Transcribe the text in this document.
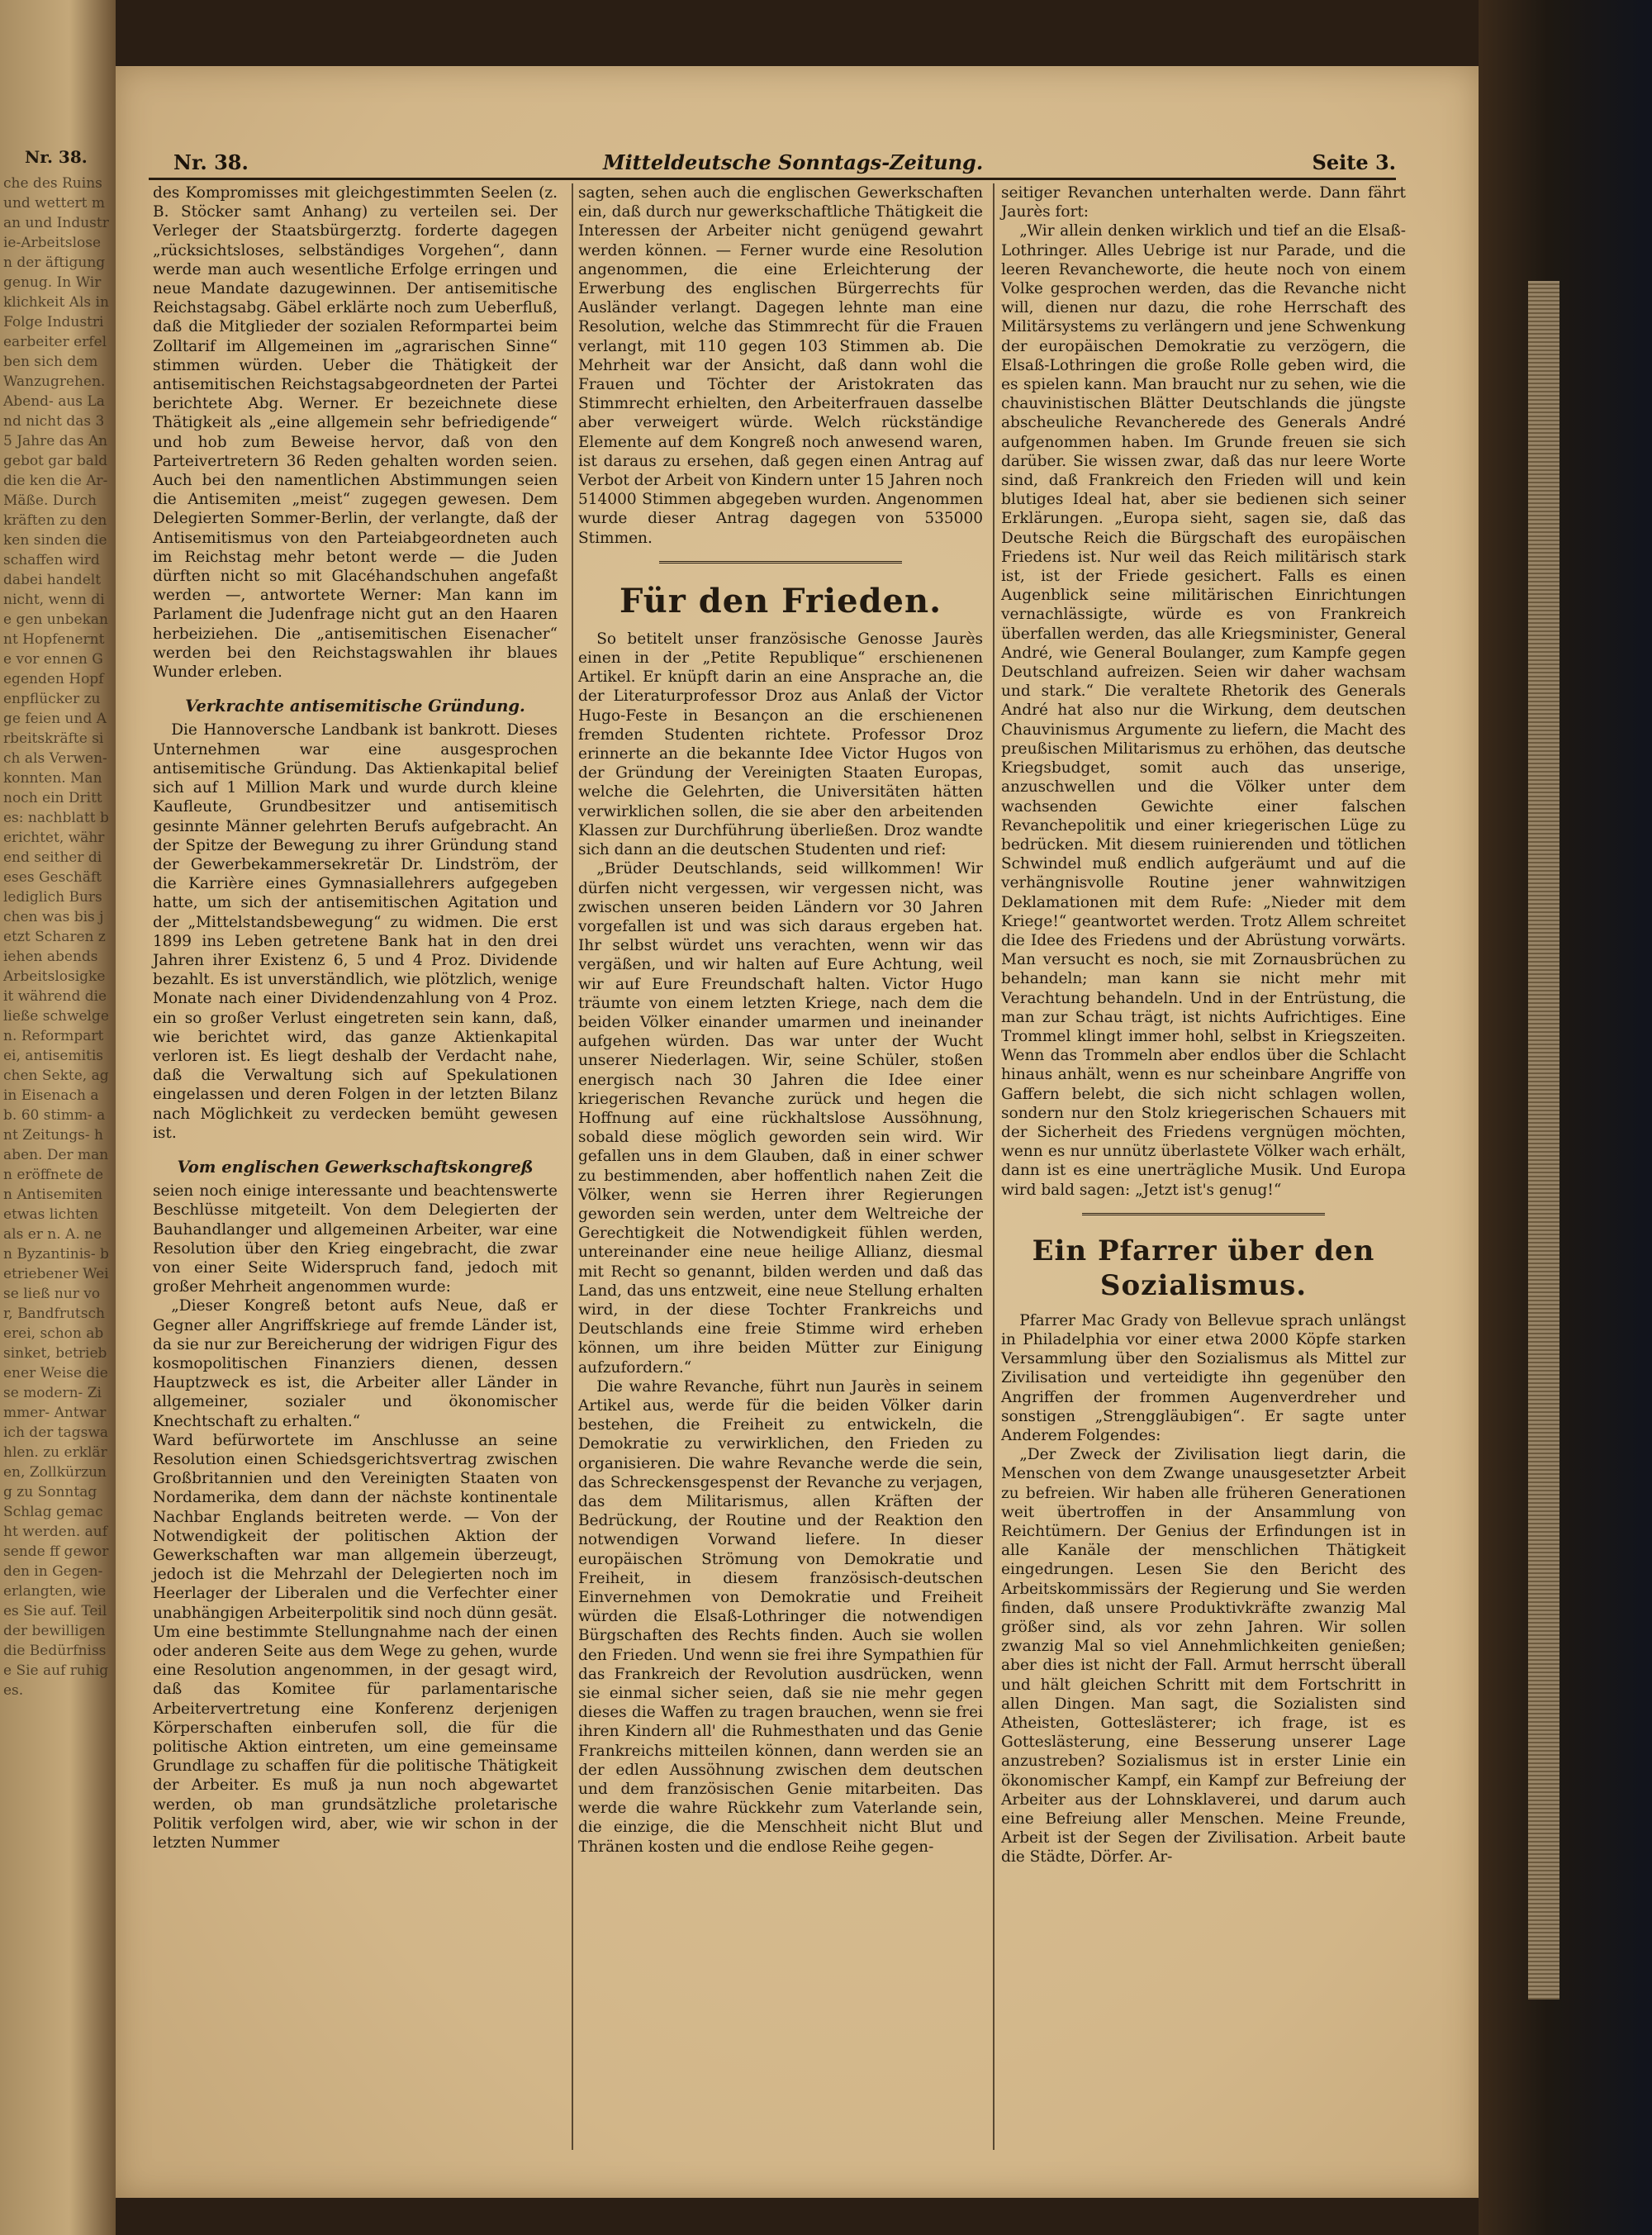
Nr. 38.
che des Ruins und wettert man und Industrie-Arbeitslosen der äftigung genug. In Wirklichkeit Als in Folge Industriearbeiter erfelben sich dem Wanzugrehen. Abend- aus Land nicht das 35 Jahre das Angebot gar bald die ken die Ar- Mäße. Durch kräften zu den ken sinden die schaffen wird dabei handelt nicht, wenn die gen unbekannt Hopfenernte vor ennen Gegenden Hopfenpflücker zuge feien und Arbeitskräfte sich als Verwen- konnten. Man noch ein Drittes: nachblatt berichtet, während seither dieses Geschäft lediglich Burschen was bis jetzt Scharen ziehen abends Arbeitslosigkeit während die ließe schwelgen. Reformpartei, antisemitischen Sekte, ag in Eisenach ab. 60 stimm- ant Zeitungs- haben. Der mann eröffnete den Antisemiten etwas lichten als er n. A. nen Byzantinis- betriebener Weise ließ nur vor, Bandfrutscherei, schon absinket, betriebener Weise diese modern- Zimmer- Antwarich der tagswahlen. zu erklären, Zollkürzung zu Sonntag Schlag gemacht werden. aufsende ff geworden in Gegen- erlangten, wie es Sie auf. Teil der bewilligen die Bedürfnisse Sie auf ruhiges.
Nr. 38.	Mitteldeutsche Sonntags-Zeitung.	Seite 3.

des Kompromisses mit gleichgestimmten Seelen (z. B. Stöcker samt Anhang) zu verteilen sei. Der Verleger der Staatsbürgerztg. forderte dagegen „rücksichtsloses, selbständiges Vorgehen“, dann werde man auch wesentliche Erfolge erringen und neue Mandate dazugewinnen. Der antisemitische Reichstagsabg. Gäbel erklärte noch zum Ueberfluß, daß die Mitglieder der sozialen Reformpartei beim Zolltarif im Allgemeinen im „agrarischen Sinne“ stimmen würden. Ueber die Thätigkeit der antisemitischen Reichstagsabgeordneten der Partei berichtete Abg. Werner. Er bezeichnete diese Thätigkeit als „eine allgemein sehr befriedigende“ und hob zum Beweise hervor, daß von den Parteivertretern 36 Reden gehalten worden seien. Auch bei den namentlichen Abstimmungen seien die Antisemiten „meist“ zugegen gewesen. Dem Delegierten Sommer-Berlin, der verlangte, daß der Antisemitismus von den Parteiabgeordneten auch im Reichstag mehr betont werde — die Juden dürften nicht so mit Glacéhandschuhen angefaßt werden —, antwortete Werner: Man kann im Parlament die Judenfrage nicht gut an den Haaren herbeiziehen. Die „antisemitischen Eisenacher“ werden bei den Reichstagswahlen ihr blaues Wunder erleben.

Verkrachte antisemitische Gründung.

Die Hannoversche Landbank ist bankrott. Dieses Unternehmen war eine ausgesprochen antisemitische Gründung. Das Aktienkapital belief sich auf 1 Million Mark und wurde durch kleine Kaufleute, Grundbesitzer und antisemitisch gesinnte Männer gelehrten Berufs aufgebracht. An der Spitze der Bewegung zu ihrer Gründung stand der Gewerbekammersekretär Dr. Lindström, der die Karrière eines Gymnasiallehrers aufgegeben hatte, um sich der antisemitischen Agitation und der „Mittelstandsbewegung“ zu widmen. Die erst 1899 ins Leben getretene Bank hat in den drei Jahren ihrer Existenz 6, 5 und 4 Proz. Dividende bezahlt. Es ist unverständlich, wie plötzlich, wenige Monate nach einer Dividendenzahlung von 4 Proz. ein so großer Verlust eingetreten sein kann, daß, wie berichtet wird, das ganze Aktienkapital verloren ist. Es liegt deshalb der Verdacht nahe, daß die Verwaltung sich auf Spekulationen eingelassen und deren Folgen in der letzten Bilanz nach Möglichkeit zu verdecken bemüht gewesen ist.

Vom englischen Gewerkschaftskongreß

seien noch einige interessante und beachtenswerte Beschlüsse mitgeteilt. Von dem Delegierten der Bauhandlanger und allgemeinen Arbeiter, war eine Resolution über den Krieg eingebracht, die zwar von einer Seite Widerspruch fand, jedoch mit großer Mehrheit angenommen wurde:

„Dieser Kongreß betont aufs Neue, daß er Gegner aller Angriffskriege auf fremde Länder ist, da sie nur zur Bereicherung der widrigen Figur des kosmopolitischen Finanziers dienen, dessen Hauptzweck es ist, die Arbeiter aller Länder in allgemeiner, sozialer und ökonomischer Knechtschaft zu erhalten.“

Ward befürwortete im Anschlusse an seine Resolution einen Schiedsgerichtsvertrag zwischen Großbritannien und den Vereinigten Staaten von Nordamerika, dem dann der nächste kontinentale Nachbar Englands beitreten werde. — Von der Notwendigkeit der politischen Aktion der Gewerkschaften war man allgemein überzeugt, jedoch ist die Mehrzahl der Delegierten noch im Heerlager der Liberalen und die Verfechter einer unabhängigen Arbeiterpolitik sind noch dünn gesät. Um eine bestimmte Stellungnahme nach der einen oder anderen Seite aus dem Wege zu gehen, wurde eine Resolution angenommen, in der gesagt wird, daß das Komitee für parlamentarische Arbeitervertretung eine Konferenz derjenigen Körperschaften einberufen soll, die für die politische Aktion eintreten, um eine gemeinsame Grundlage zu schaffen für die politische Thätigkeit der Arbeiter. Es muß ja nun noch abgewartet werden, ob man grundsätzliche proletarische Politik verfolgen wird, aber, wie wir schon in der letzten Nummer

sagten, sehen auch die englischen Gewerkschaften ein, daß durch nur gewerkschaftliche Thätigkeit die Interessen der Arbeiter nicht genügend gewahrt werden können. — Ferner wurde eine Resolution angenommen, die eine Erleichterung der Erwerbung des englischen Bürgerrechts für Ausländer verlangt. Dagegen lehnte man eine Resolution, welche das Stimmrecht für die Frauen verlangt, mit 110 gegen 103 Stimmen ab. Die Mehrheit war der Ansicht, daß dann wohl die Frauen und Töchter der Aristokraten das Stimmrecht erhielten, den Arbeiterfrauen dasselbe aber verweigert würde. Welch rückständige Elemente auf dem Kongreß noch anwesend waren, ist daraus zu ersehen, daß gegen einen Antrag auf Verbot der Arbeit von Kindern unter 15 Jahren noch 514000 Stimmen abgegeben wurden. Angenommen wurde dieser Antrag dagegen von 535000 Stimmen.

Für den Frieden.

So betitelt unser französische Genosse Jaurès einen in der „Petite Republique“ erschienenen Artikel. Er knüpft darin an eine Ansprache an, die der Literaturprofessor Droz aus Anlaß der Victor Hugo-Feste in Besançon an die erschienenen fremden Studenten richtete. Professor Droz erinnerte an die bekannte Idee Victor Hugos von der Gründung der Vereinigten Staaten Europas, welche die Gelehrten, die Universitäten hätten verwirklichen sollen, die sie aber den arbeitenden Klassen zur Durchführung überließen. Droz wandte sich dann an die deutschen Studenten und rief:

„Brüder Deutschlands, seid willkommen! Wir dürfen nicht vergessen, wir vergessen nicht, was zwischen unseren beiden Ländern vor 30 Jahren vorgefallen ist und was sich daraus ergeben hat. Ihr selbst würdet uns verachten, wenn wir das vergäßen, und wir halten auf Eure Achtung, weil wir auf Eure Freundschaft halten. Victor Hugo träumte von einem letzten Kriege, nach dem die beiden Völker einander umarmen und ineinander aufgehen würden. Das war unter der Wucht unserer Niederlagen. Wir, seine Schüler, stoßen energisch nach 30 Jahren die Idee einer kriegerischen Revanche zurück und hegen die Hoffnung auf eine rückhaltslose Aussöhnung, sobald diese möglich geworden sein wird. Wir gefallen uns in dem Glauben, daß in einer schwer zu bestimmenden, aber hoffentlich nahen Zeit die Völker, wenn sie Herren ihrer Regierungen geworden sein werden, unter dem Weltreiche der Gerechtigkeit die Notwendigkeit fühlen werden, untereinander eine neue heilige Allianz, diesmal mit Recht so genannt, bilden werden und daß das Land, das uns entzweit, eine neue Stellung erhalten wird, in der diese Tochter Frankreichs und Deutschlands eine freie Stimme wird erheben können, um ihre beiden Mütter zur Einigung aufzufordern.“

Die wahre Revanche, führt nun Jaurès in seinem Artikel aus, werde für die beiden Völker darin bestehen, die Freiheit zu entwickeln, die Demokratie zu verwirklichen, den Frieden zu organisieren. Die wahre Revanche werde die sein, das Schreckensgespenst der Revanche zu verjagen, das dem Militarismus, allen Kräften der Bedrückung, der Routine und der Reaktion den notwendigen Vorwand liefere. In dieser europäischen Strömung von Demokratie und Freiheit, in diesem französisch-deutschen Einvernehmen von Demokratie und Freiheit würden die Elsaß-Lothringer die notwendigen Bürgschaften des Rechts finden. Auch sie wollen den Frieden. Und wenn sie frei ihre Sympathien für das Frankreich der Revolution ausdrücken, wenn sie einmal sicher seien, daß sie nie mehr gegen dieses die Waffen zu tragen brauchen, wenn sie frei ihren Kindern all' die Ruhmesthaten und das Genie Frankreichs mitteilen können, dann werden sie an der edlen Aussöhnung zwischen dem deutschen und dem französischen Genie mitarbeiten. Das werde die wahre Rückkehr zum Vaterlande sein, die einzige, die die Menschheit nicht Blut und Thränen kosten und die endlose Reihe gegen-

seitiger Revanchen unterhalten werde. Dann fährt Jaurès fort:

„Wir allein denken wirklich und tief an die Elsaß-Lothringer. Alles Uebrige ist nur Parade, und die leeren Revancheworte, die heute noch von einem Volke gesprochen werden, das die Revanche nicht will, dienen nur dazu, die rohe Herrschaft des Militärsystems zu verlängern und jene Schwenkung der europäischen Demokratie zu verzögern, die Elsaß-Lothringen die große Rolle geben wird, die es spielen kann. Man braucht nur zu sehen, wie die chauvinistischen Blätter Deutschlands die jüngste abscheuliche Revancherede des Generals André aufgenommen haben. Im Grunde freuen sie sich darüber. Sie wissen zwar, daß das nur leere Worte sind, daß Frankreich den Frieden will und kein blutiges Ideal hat, aber sie bedienen sich seiner Erklärungen. „Europa sieht, sagen sie, daß das Deutsche Reich die Bürgschaft des europäischen Friedens ist. Nur weil das Reich militärisch stark ist, ist der Friede gesichert. Falls es einen Augenblick seine militärischen Einrichtungen vernachlässigte, würde es von Frankreich überfallen werden, das alle Kriegsminister, General André, wie General Boulanger, zum Kampfe gegen Deutschland aufreizen. Seien wir daher wachsam und stark.“ Die veraltete Rhetorik des Generals André hat also nur die Wirkung, dem deutschen Chauvinismus Argumente zu liefern, die Macht des preußischen Militarismus zu erhöhen, das deutsche Kriegsbudget, somit auch das unserige, anzuschwellen und die Völker unter dem wachsenden Gewichte einer falschen Revanchepolitik und einer kriegerischen Lüge zu bedrücken. Mit diesem ruinierenden und tötlichen Schwindel muß endlich aufgeräumt und auf die verhängnisvolle Routine jener wahnwitzigen Deklamationen mit dem Rufe: „Nieder mit dem Kriege!“ geantwortet werden. Trotz Allem schreitet die Idee des Friedens und der Abrüstung vorwärts. Man versucht es noch, sie mit Zornausbrüchen zu behandeln; man kann sie nicht mehr mit Verachtung behandeln. Und in der Entrüstung, die man zur Schau trägt, ist nichts Aufrichtiges. Eine Trommel klingt immer hohl, selbst in Kriegszeiten. Wenn das Trommeln aber endlos über die Schlacht hinaus anhält, wenn es nur scheinbare Angriffe von Gaffern belebt, die sich nicht schlagen wollen, sondern nur den Stolz kriegerischen Schauers mit der Sicherheit des Friedens vergnügen möchten, wenn es nur unnütz überlastete Völker wach erhält, dann ist es eine unerträgliche Musik. Und Europa wird bald sagen: „Jetzt ist's genug!“

Ein Pfarrer über den Sozialismus.

Pfarrer Mac Grady von Bellevue sprach unlängst in Philadelphia vor einer etwa 2000 Köpfe starken Versammlung über den Sozialismus als Mittel zur Zivilisation und verteidigte ihn gegenüber den Angriffen der frommen Augenverdreher und sonstigen „Strenggläubigen“. Er sagte unter Anderem Folgendes:

„Der Zweck der Zivilisation liegt darin, die Menschen von dem Zwange unausgesetzter Arbeit zu befreien. Wir haben alle früheren Generationen weit übertroffen in der Ansammlung von Reichtümern. Der Genius der Erfindungen ist in alle Kanäle der menschlichen Thätigkeit eingedrungen. Lesen Sie den Bericht des Arbeitskommissärs der Regierung und Sie werden finden, daß unsere Produktivkräfte zwanzig Mal größer sind, als vor zehn Jahren. Wir sollen zwanzig Mal so viel Annehmlichkeiten genießen; aber dies ist nicht der Fall. Armut herrscht überall und hält gleichen Schritt mit dem Fortschritt in allen Dingen. Man sagt, die Sozialisten sind Atheisten, Gotteslästerer; ich frage, ist es Gotteslästerung, eine Besserung unserer Lage anzustreben? Sozialismus ist in erster Linie ein ökonomischer Kampf, ein Kampf zur Befreiung der Arbeiter aus der Lohnsklaverei, und darum auch eine Befreiung aller Menschen. Meine Freunde, Arbeit ist der Segen der Zivilisation. Arbeit baute die Städte, Dörfer. Ar-
